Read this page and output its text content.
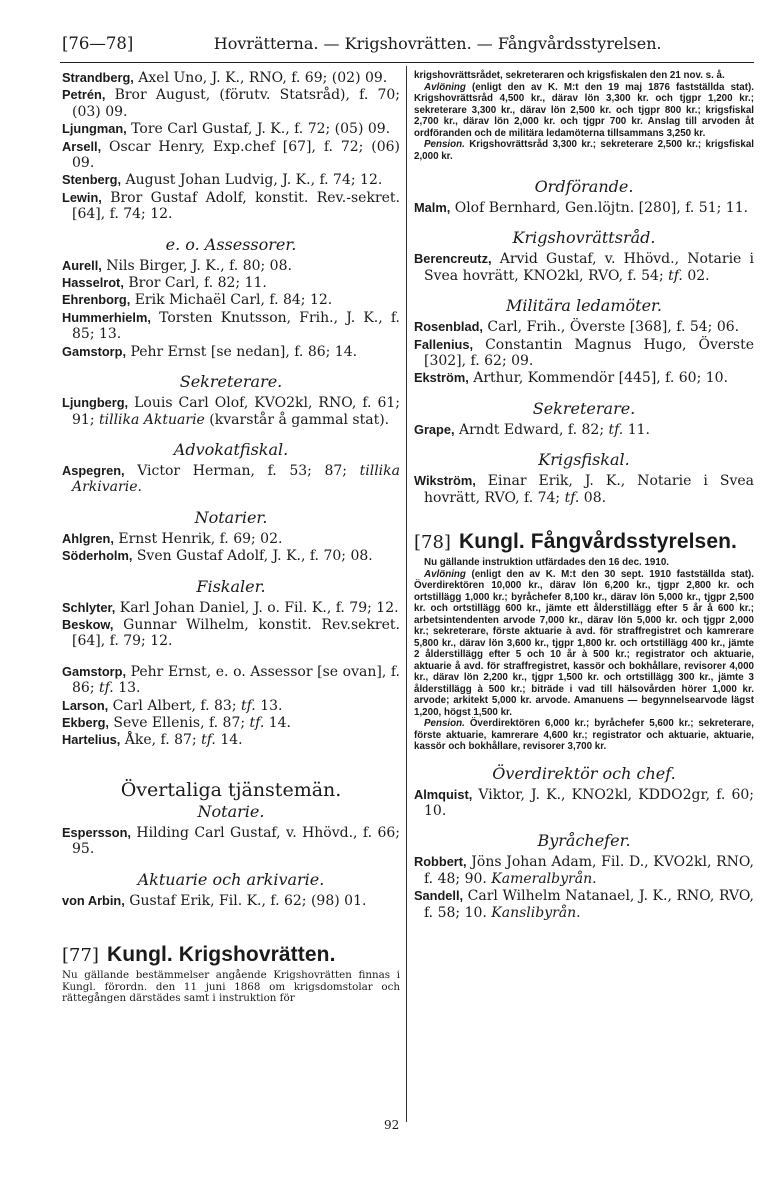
[76—78]	Hovrätterna. — Krigshovrätten. — Fångvårdsstyrelsen.
Strandberg, Axel Uno, J. K., RNO, f. 69; (02) 09.
Petrén, Bror August, (förutv. Statsråd), f. 70; (03) 09.
Ljungman, Tore Carl Gustaf, J. K., f. 72; (05) 09.
Arsell, Oscar Henry, Exp.chef [67], f. 72; (06) 09.
Stenberg, August Johan Ludvig, J. K., f. 74; 12.
Lewin, Bror Gustaf Adolf, konstit. Rev.-sekret. [64], f. 74; 12.
e. o. Assessorer.
Aurell, Nils Birger, J. K., f. 80; 08.
Hasselrot, Bror Carl, f. 82; 11.
Ehrenborg, Erik Michaël Carl, f. 84; 12.
Hummerhielm, Torsten Knutsson, Frih., J. K., f. 85; 13.
Gamstorp, Pehr Ernst [se nedan], f. 86; 14.
Sekreterare.
Ljungberg, Louis Carl Olof, KVO2kl, RNO, f. 61; 91; tillika Aktuarie (kvarstår å gammal stat).
Advokatfiskal.
Aspegren, Victor Herman, f. 53; 87; tillika Arkivarie.
Notarier.
Ahlgren, Ernst Henrik, f. 69; 02.
Söderholm, Sven Gustaf Adolf, J. K., f. 70; 08.
Fiskaler.
Schlyter, Karl Johan Daniel, J. o. Fil. K., f. 79; 12.
Beskow, Gunnar Wilhelm, konstit. Rev.sekret. [64], f. 79; 12.
Gamstorp, Pehr Ernst, e. o. Assessor [se ovan], f. 86; tf. 13.
Larson, Carl Albert, f. 83; tf. 13.
Ekberg, Seve Ellenis, f. 87; tf. 14.
Hartelius, Åke, f. 87; tf. 14.
Övertaliga tjänstemän.
Notarie.
Espersson, Hilding Carl Gustaf, v. Hhövd., f. 66; 95.
Aktuarie och arkivarie.
von Arbin, Gustaf Erik, Fil. K., f. 62; (98) 01.
[77] Kungl. Krigshovrätten.
Nu gällande bestämmelser angående Krigshovrätten finnas i Kungl. förordn. den 11 juni 1868 om krigsdomstolar och rättegången därstädes samt i instruktion för

krigshovrättsrådet, sekreteraren och krigsfiskalen den 21 nov. s. å.

Avlöning (enligt den av K. M:t den 19 maj 1876 fastställda stat). Krigshovrättsråd 4,500 kr., därav lön 3,300 kr. och tjgpr 1,200 kr.; sekreterare 3,300 kr., därav lön 2,500 kr. och tjgpr 800 kr.; krigsfiskal 2,700 kr., därav lön 2,000 kr. och tjgpr 700 kr. Anslag till arvoden åt ordföranden och de militära ledamöterna tillsammans 3,250 kr.

Pension. Krigshovrättsråd 3,300 kr.; sekreterare 2,500 kr.; krigsfiskal 2,000 kr.

Ordförande.
Malm, Olof Bernhard, Gen.löjtn. [280], f. 51; 11.
Krigshovrättsråd.
Berencreutz, Arvid Gustaf, v. Hhövd., Notarie i Svea hovrätt, KNO2kl, RVO, f. 54; tf. 02.
Militära ledamöter.
Rosenblad, Carl, Frih., Överste [368], f. 54; 06.
Fallenius, Constantin Magnus Hugo, Överste [302], f. 62; 09.
Ekström, Arthur, Kommendör [445], f. 60; 10.
Sekreterare.
Grape, Arndt Edward, f. 82; tf. 11.
Krigsfiskal.
Wikström, Einar Erik, J. K., Notarie i Svea hovrätt, RVO, f. 74; tf. 08.
[78] Kungl. Fångvårdsstyrelsen.

Nu gällande instruktion utfärdades den 16 dec. 1910.

Avlöning (enligt den av K. M:t den 30 sept. 1910 fastställda stat). Överdirektören 10,000 kr., därav lön 6,200 kr., tjgpr 2,800 kr. och ortstillägg 1,000 kr.; byråchefer 8,100 kr., därav lön 5,000 kr., tjgpr 2,500 kr. och ortstillägg 600 kr., jämte ett ålderstillägg efter 5 år å 600 kr.; arbetsintendenten arvode 7,000 kr., därav lön 5,000 kr. och tjgpr 2,000 kr.; sekreterare, förste aktuarie à avd. för straffregistret och kamrerare 5,800 kr., därav lön 3,600 kr., tjgpr 1,800 kr. och ortstillägg 400 kr., jämte 2 ålderstillägg efter 5 och 10 år à 500 kr.; registrator och aktuarie, aktuarie å avd. för straffregistret, kassör och bokhållare, revisorer 4,000 kr., därav lön 2,200 kr., tjgpr 1,500 kr. och ortstillägg 300 kr., jämte 3 ålderstillägg à 500 kr.; biträde i vad till hälsovården hörer 1,000 kr. arvode; arkitekt 5,000 kr. arvode. Amanuens — begynnelsearvode lägst 1,200, högst 1,500 kr.

Pension. Överdirektören 6,000 kr.; byråchefer 5,600 kr.; sekreterare, förste aktuarie, kamrerare 4,600 kr.; registrator och aktuarie, aktuarie, kassör och bokhållare, revisorer 3,700 kr.

Överdirektör och chef.
Almquist, Viktor, J. K., KNO2kl, KDDO2gr, f. 60; 10.
Byråchefer.
Robbert, Jöns Johan Adam, Fil. D., KVO2kl, RNO, f. 48; 90. Kameralbyrån.
Sandell, Carl Wilhelm Natanael, J. K., RNO, RVO, f. 58; 10. Kanslibyrån.
92
